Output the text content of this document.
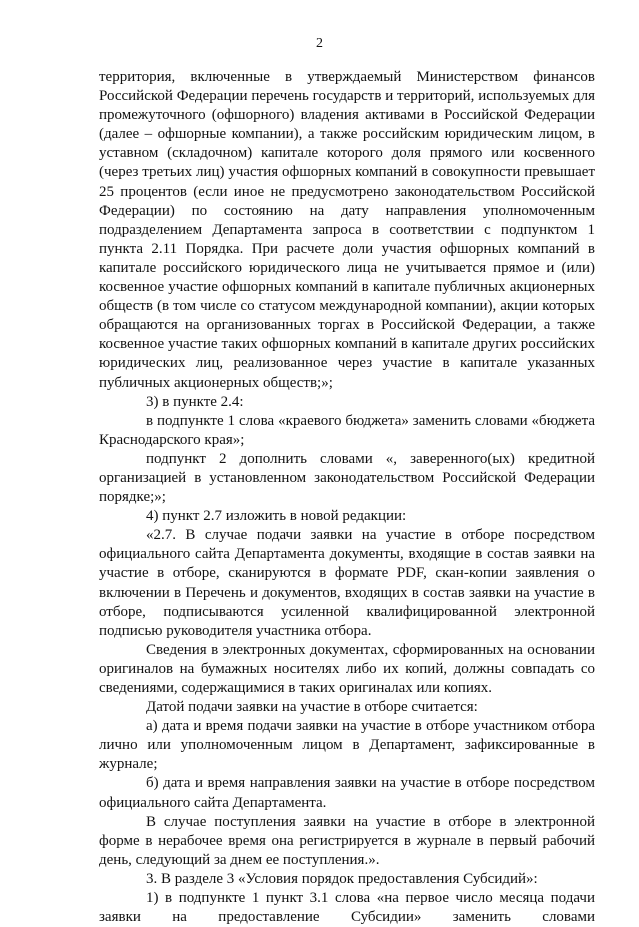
2

территория, включенные в утверждаемый Министерством финансов Российской Федерации перечень государств и территорий, используемых для промежуточного (офшорного) владения активами в Российской Федерации (далее – офшорные компании), а также российским юридическим лицом, в уставном (складочном) капитале которого доля прямого или косвенного (через третьих лиц) участия офшорных компаний в совокупности превышает 25 процентов (если иное не предусмотрено законодательством Российской Федерации) по состоянию на дату направления уполномоченным подразделением Департамента запроса в соответствии с подпунктом 1 пункта 2.11 Порядка. При расчете доли участия офшорных компаний в капитале российского юридического лица не учитывается прямое и (или) косвенное участие офшорных компаний в капитале публичных акционерных обществ (в том числе со статусом международной компании), акции которых обращаются на организованных торгах в Российской Федерации, а также косвенное участие таких офшорных компаний в капитале других российских юридических лиц, реализованное через участие в капитале указанных публичных акционерных обществ;»;

3) в пункте 2.4:

в подпункте 1 слова «краевого бюджета» заменить словами «бюджета Краснодарского края»;

подпункт 2 дополнить словами «, заверенного(ых) кредитной организацией в установленном законодательством Российской Федерации порядке;»;

4) пункт 2.7 изложить в новой редакции:

«2.7. В случае подачи заявки на участие в отборе посредством официального сайта Департамента документы, входящие в состав заявки на участие в отборе, сканируются в формате PDF, скан-копии заявления о включении в Перечень и документов, входящих в состав заявки на участие в отборе, подписываются усиленной квалифицированной электронной подписью руководителя участника отбора.

Сведения в электронных документах, сформированных на основании оригиналов на бумажных носителях либо их копий, должны совпадать со сведениями, содержащимися в таких оригиналах или копиях.

Датой подачи заявки на участие в отборе считается:

а) дата и время подачи заявки на участие в отборе участником отбора лично или уполномоченным лицом в Департамент, зафиксированные в журнале;

б) дата и время направления заявки на участие в отборе посредством официального сайта Департамента.

В случае поступления заявки на участие в отборе в электронной форме в нерабочее время она регистрируется в журнале в первый рабочий день, следующий за днем ее поступления.».

3. В разделе 3 «Условия порядок предоставления Субсидий»:

1) в подпункте 1 пункт 3.1 слова «на первое число месяца подачи заявки на предоставление Субсидии» заменить словами
